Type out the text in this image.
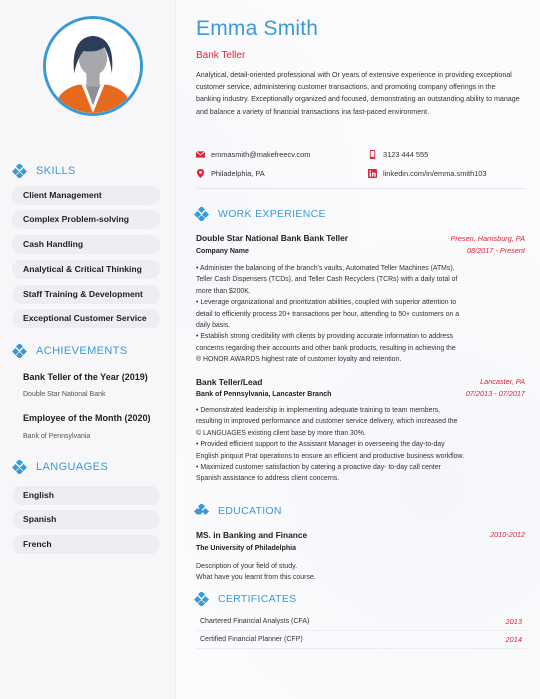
SKILLS
Client Management
Complex Problem-solving
Cash Handling
Analytical & Critical Thinking
Staff Training & Development
Exceptional Customer Service
ACHIEVEMENTS
Bank Teller of the Year (2019)
Double Star National Bank
Employee of the Month (2020)
Bank of Pennsylvania
LANGUAGES
English
Spanish
French
Emma Smith
Bank Teller
Analytical, detail-oriented professional with Or years of extensive experience in providing exceptional customer service, administering customer transactions, and promoting company offerings in the banking industry. Exceptionally organized and focused, demonstrating an outstanding ability to manage and balance a variety of financial transactions ina fast-paced environment.
emmasmith@makefreecv.com	3123 444 555
Philadelphia, PA	linkedin.com/in/emma.smith103
WORK EXPERIENCE
Double Star National Bank Bank Teller	Presen, Harrisburg, PA
Company Name	08/2017 - Present
• Administer the balancing of the branch's vaults, Automated Teller Machines (ATMs),
Teller Cash Dispensers (TCDs), and Teller Cash Recyclers (TCRs) with a daily total of
more than $200K.
• Leverage organizational and prioritization abilities, coupled with superior attention to
detail to efficiently process 20+ transactions per hour, attending to 50+ customers on a
daily basis.
• Establish strong credibility with clients by providing accurate information to address
concerns regarding their accounts and other bank products, resulting in achieving the
® HONOR AWARDS highest rate of customer loyalty and retention.
Bank Teller/Lead	Lancaster, PA
Bank of Pennsylvania, Lancaster Branch	07/2013 - 07/2017
• Demonstrated leadership in implementing adequate training to team members,
resulting in improved performance and customer service delivery, which increased the
© LANGUAGES existing client base by more than 30%.
• Provided efficient support to the Assistant Manager in overseeing the day-to-day
English pinquut Prat operations to ensure an efficient and productive business workflow.
• Maximized customer satisfaction by catering a proactive day- to-day call center
Spanish assistance to address client concerns.
EDUCATION
MS. in Banking and Finance	2010-2012
The University of Philadelphia
Description of your field of study.
What have you learnt from this course.
CERTIFICATES
Chartered Financial Analysts (CFA)	2013
Certified Financial Planner (CFP)	2014
